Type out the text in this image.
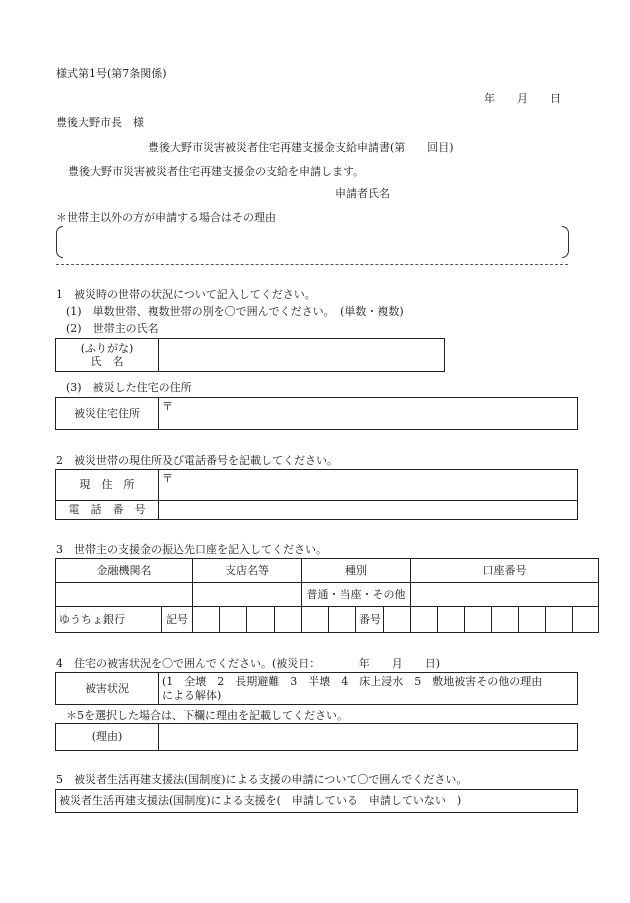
様式第1号(第7条関係)
年　　月　　日
豊後大野市長　様
豊後大野市災害被災者住宅再建支援金支給申請書(第　　回目)
豊後大野市災害被災者住宅再建支援金の支給を申請します。
申請者氏名
＊世帯主以外の方が申請する場合はその理由
1　被災時の世帯の状況について記入してください。
(1)　単数世帯、複数世帯の別を〇で囲んでください。　(単数・複数)
(2)　世帯主の氏名
(ふりがな)
氏　名

(3)　被災した住宅の住所
被災住宅住所	〒
2　被災世帯の現住所及び電話番号を記載してください。
現　住　所	〒
電　話　番　号	
3　世帯主の支援金の振込先口座を記入してください。
金融機関名		支店名等				種別				口座番号						
						普通・当座・その他										
ゆうちょ銀行	記号							番号								
4　住宅の被害状況を〇で囲んでください。(被災日：　　　　年　　月　　日)
被害状況	
(1　全壊　2　長期避難　3　半壊　4　床上浸水　5　敷地被害その他の理由
による解体)
＊5を選択した場合は、下欄に理由を記載してください。
(理由)	
5　被災者生活再建支援法(国制度)による支援の申請について〇で囲んでください。
被災者生活再建支援法(国制度)による支援を(　申請している　申請していない　)
